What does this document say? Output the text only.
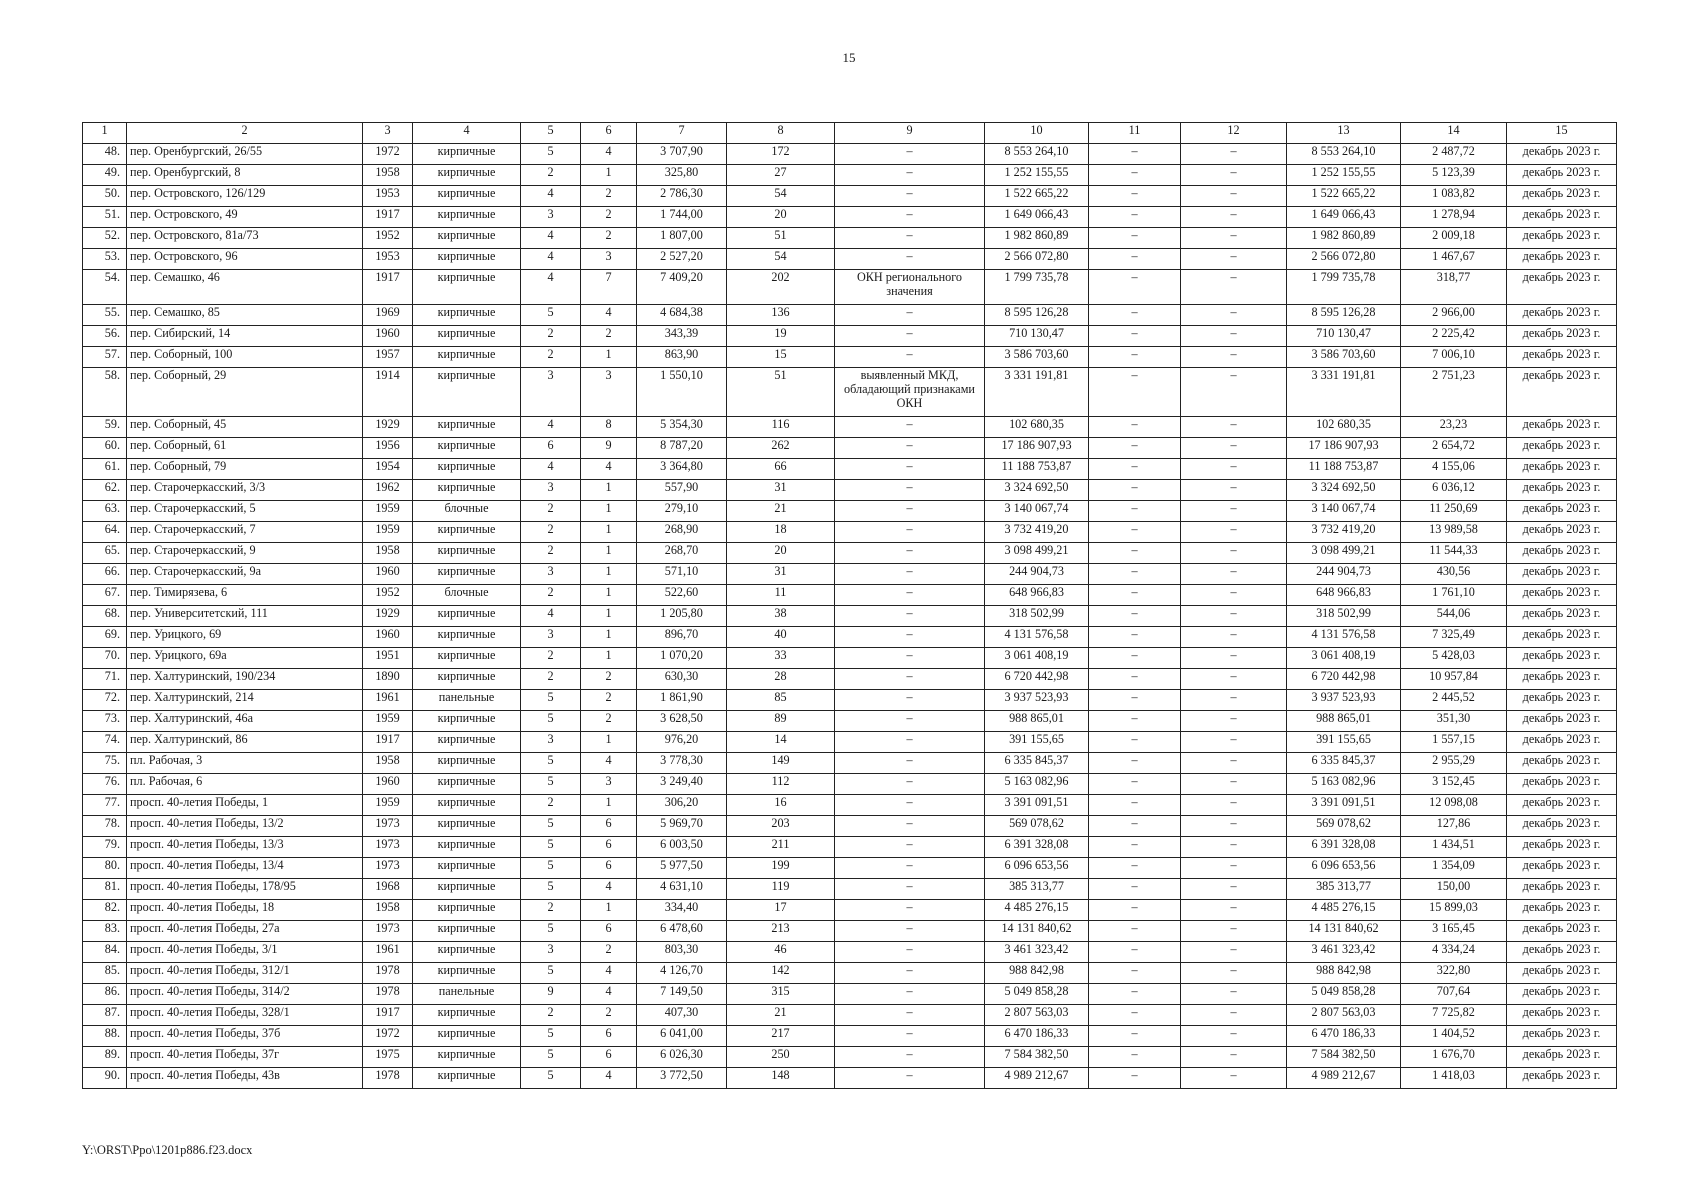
15
1	2	3	4	5	6	7	8	9	10	11	12	13	14	15
48.	пер. Оренбургский, 26/55	1972	кирпичные	5	4	3 707,90	172	–	8 553 264,10	–	–	8 553 264,10	2 487,72	декабрь 2023 г.
49.	пер. Оренбургский, 8	1958	кирпичные	2	1	325,80	27	–	1 252 155,55	–	–	1 252 155,55	5 123,39	декабрь 2023 г.
50.	пер. Островского, 126/129	1953	кирпичные	4	2	2 786,30	54	–	1 522 665,22	–	–	1 522 665,22	1 083,82	декабрь 2023 г.
51.	пер. Островского, 49	1917	кирпичные	3	2	1 744,00	20	–	1 649 066,43	–	–	1 649 066,43	1 278,94	декабрь 2023 г.
52.	пер. Островского, 81а/73	1952	кирпичные	4	2	1 807,00	51	–	1 982 860,89	–	–	1 982 860,89	2 009,18	декабрь 2023 г.
53.	пер. Островского, 96	1953	кирпичные	4	3	2 527,20	54	–	2 566 072,80	–	–	2 566 072,80	1 467,67	декабрь 2023 г.
54.	пер. Семашко, 46	1917	кирпичные	4	7	7 409,20	202	ОКН регионального значения	1 799 735,78	–	–	1 799 735,78	318,77	декабрь 2023 г.
55.	пер. Семашко, 85	1969	кирпичные	5	4	4 684,38	136	–	8 595 126,28	–	–	8 595 126,28	2 966,00	декабрь 2023 г.
56.	пер. Сибирский, 14	1960	кирпичные	2	2	343,39	19	–	710 130,47	–	–	710 130,47	2 225,42	декабрь 2023 г.
57.	пер. Соборный, 100	1957	кирпичные	2	1	863,90	15	–	3 586 703,60	–	–	3 586 703,60	7 006,10	декабрь 2023 г.
58.	пер. Соборный, 29	1914	кирпичные	3	3	1 550,10	51	выявленный МКД, обладающий признаками ОКН	3 331 191,81	–	–	3 331 191,81	2 751,23	декабрь 2023 г.
59.	пер. Соборный, 45	1929	кирпичные	4	8	5 354,30	116	–	102 680,35	–	–	102 680,35	23,23	декабрь 2023 г.
60.	пер. Соборный, 61	1956	кирпичные	6	9	8 787,20	262	–	17 186 907,93	–	–	17 186 907,93	2 654,72	декабрь 2023 г.
61.	пер. Соборный, 79	1954	кирпичные	4	4	3 364,80	66	–	11 188 753,87	–	–	11 188 753,87	4 155,06	декабрь 2023 г.
62.	пер. Старочеркасский, 3/3	1962	кирпичные	3	1	557,90	31	–	3 324 692,50	–	–	3 324 692,50	6 036,12	декабрь 2023 г.
63.	пер. Старочеркасский, 5	1959	блочные	2	1	279,10	21	–	3 140 067,74	–	–	3 140 067,74	11 250,69	декабрь 2023 г.
64.	пер. Старочеркасский, 7	1959	кирпичные	2	1	268,90	18	–	3 732 419,20	–	–	3 732 419,20	13 989,58	декабрь 2023 г.
65.	пер. Старочеркасский, 9	1958	кирпичные	2	1	268,70	20	–	3 098 499,21	–	–	3 098 499,21	11 544,33	декабрь 2023 г.
66.	пер. Старочеркасский, 9а	1960	кирпичные	3	1	571,10	31	–	244 904,73	–	–	244 904,73	430,56	декабрь 2023 г.
67.	пер. Тимирязева, 6	1952	блочные	2	1	522,60	11	–	648 966,83	–	–	648 966,83	1 761,10	декабрь 2023 г.
68.	пер. Университетский, 111	1929	кирпичные	4	1	1 205,80	38	–	318 502,99	–	–	318 502,99	544,06	декабрь 2023 г.
69.	пер. Урицкого, 69	1960	кирпичные	3	1	896,70	40	–	4 131 576,58	–	–	4 131 576,58	7 325,49	декабрь 2023 г.
70.	пер. Урицкого, 69а	1951	кирпичные	2	1	1 070,20	33	–	3 061 408,19	–	–	3 061 408,19	5 428,03	декабрь 2023 г.
71.	пер. Халтуринский, 190/234	1890	кирпичные	2	2	630,30	28	–	6 720 442,98	–	–	6 720 442,98	10 957,84	декабрь 2023 г.
72.	пер. Халтуринский, 214	1961	панельные	5	2	1 861,90	85	–	3 937 523,93	–	–	3 937 523,93	2 445,52	декабрь 2023 г.
73.	пер. Халтуринский, 46а	1959	кирпичные	5	2	3 628,50	89	–	988 865,01	–	–	988 865,01	351,30	декабрь 2023 г.
74.	пер. Халтуринский, 86	1917	кирпичные	3	1	976,20	14	–	391 155,65	–	–	391 155,65	1 557,15	декабрь 2023 г.
75.	пл. Рабочая, 3	1958	кирпичные	5	4	3 778,30	149	–	6 335 845,37	–	–	6 335 845,37	2 955,29	декабрь 2023 г.
76.	пл. Рабочая, 6	1960	кирпичные	5	3	3 249,40	112	–	5 163 082,96	–	–	5 163 082,96	3 152,45	декабрь 2023 г.
77.	просп. 40-летия Победы, 1	1959	кирпичные	2	1	306,20	16	–	3 391 091,51	–	–	3 391 091,51	12 098,08	декабрь 2023 г.
78.	просп. 40-летия Победы, 13/2	1973	кирпичные	5	6	5 969,70	203	–	569 078,62	–	–	569 078,62	127,86	декабрь 2023 г.
79.	просп. 40-летия Победы, 13/3	1973	кирпичные	5	6	6 003,50	211	–	6 391 328,08	–	–	6 391 328,08	1 434,51	декабрь 2023 г.
80.	просп. 40-летия Победы, 13/4	1973	кирпичные	5	6	5 977,50	199	–	6 096 653,56	–	–	6 096 653,56	1 354,09	декабрь 2023 г.
81.	просп. 40-летия Победы, 178/95	1968	кирпичные	5	4	4 631,10	119	–	385 313,77	–	–	385 313,77	150,00	декабрь 2023 г.
82.	просп. 40-летия Победы, 18	1958	кирпичные	2	1	334,40	17	–	4 485 276,15	–	–	4 485 276,15	15 899,03	декабрь 2023 г.
83.	просп. 40-летия Победы, 27а	1973	кирпичные	5	6	6 478,60	213	–	14 131 840,62	–	–	14 131 840,62	3 165,45	декабрь 2023 г.
84.	просп. 40-летия Победы, 3/1	1961	кирпичные	3	2	803,30	46	–	3 461 323,42	–	–	3 461 323,42	4 334,24	декабрь 2023 г.
85.	просп. 40-летия Победы, 312/1	1978	кирпичные	5	4	4 126,70	142	–	988 842,98	–	–	988 842,98	322,80	декабрь 2023 г.
86.	просп. 40-летия Победы, 314/2	1978	панельные	9	4	7 149,50	315	–	5 049 858,28	–	–	5 049 858,28	707,64	декабрь 2023 г.
87.	просп. 40-летия Победы, 328/1	1917	кирпичные	2	2	407,30	21	–	2 807 563,03	–	–	2 807 563,03	7 725,82	декабрь 2023 г.
88.	просп. 40-летия Победы, 37б	1972	кирпичные	5	6	6 041,00	217	–	6 470 186,33	–	–	6 470 186,33	1 404,52	декабрь 2023 г.
89.	просп. 40-летия Победы, 37г	1975	кирпичные	5	6	6 026,30	250	–	7 584 382,50	–	–	7 584 382,50	1 676,70	декабрь 2023 г.
90.	просп. 40-летия Победы, 43в	1978	кирпичные	5	4	3 772,50	148	–	4 989 212,67	–	–	4 989 212,67	1 418,03	декабрь 2023 г.
Y:\ORST\Ppo\1201p886.f23.docx
